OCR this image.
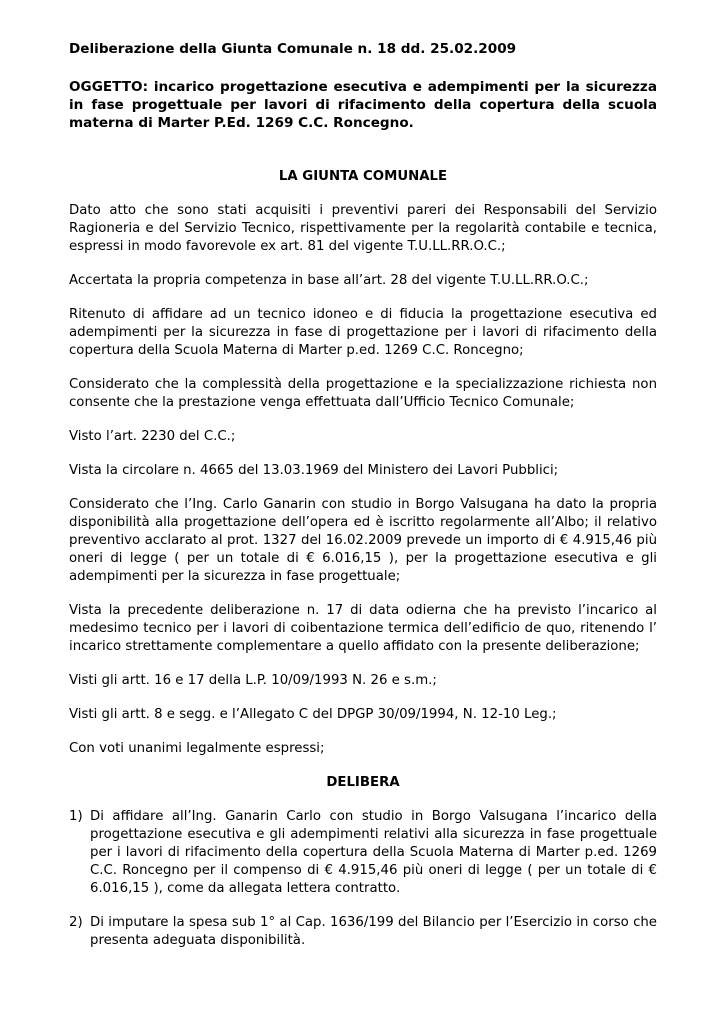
Deliberazione della Giunta Comunale n. 18 dd. 25.02.2009

OGGETTO: incarico progettazione esecutiva e adempimenti per la sicurezza in fase progettuale per lavori di rifacimento della copertura della scuola materna di Marter P.Ed. 1269 C.C. Roncegno.

LA GIUNTA COMUNALE

Dato atto che sono stati acquisiti i preventivi pareri dei Responsabili del Servizio Ragioneria e del Servizio Tecnico, rispettivamente per la regolarità contabile e tecnica, espressi in modo favorevole ex art. 81 del vigente T.U.LL.RR.O.C.;

Accertata la propria competenza in base all’art. 28 del vigente T.U.LL.RR.O.C.;

Ritenuto di affidare ad un tecnico idoneo e di fiducia la progettazione esecutiva ed adempimenti per la sicurezza in fase di progettazione per i lavori di rifacimento della copertura della Scuola Materna di Marter p.ed. 1269 C.C. Roncegno;

Considerato che la complessità della progettazione e la specializzazione richiesta non consente che la prestazione venga effettuata dall’Ufficio Tecnico Comunale;

Visto l’art. 2230 del C.C.;

Vista la circolare n. 4665 del 13.03.1969 del Ministero dei Lavori Pubblici;

Considerato che l’Ing. Carlo Ganarin con studio in Borgo Valsugana ha dato la propria disponibilità alla progettazione dell’opera ed è iscritto regolarmente all’Albo; il relativo preventivo acclarato al prot. 1327 del 16.02.2009 prevede un importo di € 4.915,46 più oneri di legge ( per un totale di € 6.016,15 ), per la progettazione esecutiva e gli adempimenti per la sicurezza in fase progettuale;

Vista la precedente deliberazione n. 17 di data odierna che ha previsto l’incarico al medesimo tecnico per i lavori di coibentazione termica dell’edificio de quo, ritenendo l’ incarico strettamente complementare a quello affidato con la presente deliberazione;

Visti gli artt. 16 e 17 della L.P. 10/09/1993 N. 26 e s.m.;

Visti gli artt. 8 e segg. e l’Allegato C del DPGP 30/09/1994, N. 12-10 Leg.;

Con voti unanimi legalmente espressi;

DELIBERA

1) Di affidare all’Ing. Ganarin Carlo con studio in Borgo Valsugana l’incarico della progettazione esecutiva e gli adempimenti relativi alla sicurezza in fase progettuale per i lavori di rifacimento della copertura della Scuola Materna di Marter p.ed. 1269 C.C. Roncegno per il compenso di € 4.915,46 più oneri di legge ( per un totale di € 6.016,15 ), come da allegata lettera contratto.
2) Di imputare la spesa sub 1° al Cap. 1636/199 del Bilancio per l’Esercizio in corso che presenta adeguata disponibilità.
